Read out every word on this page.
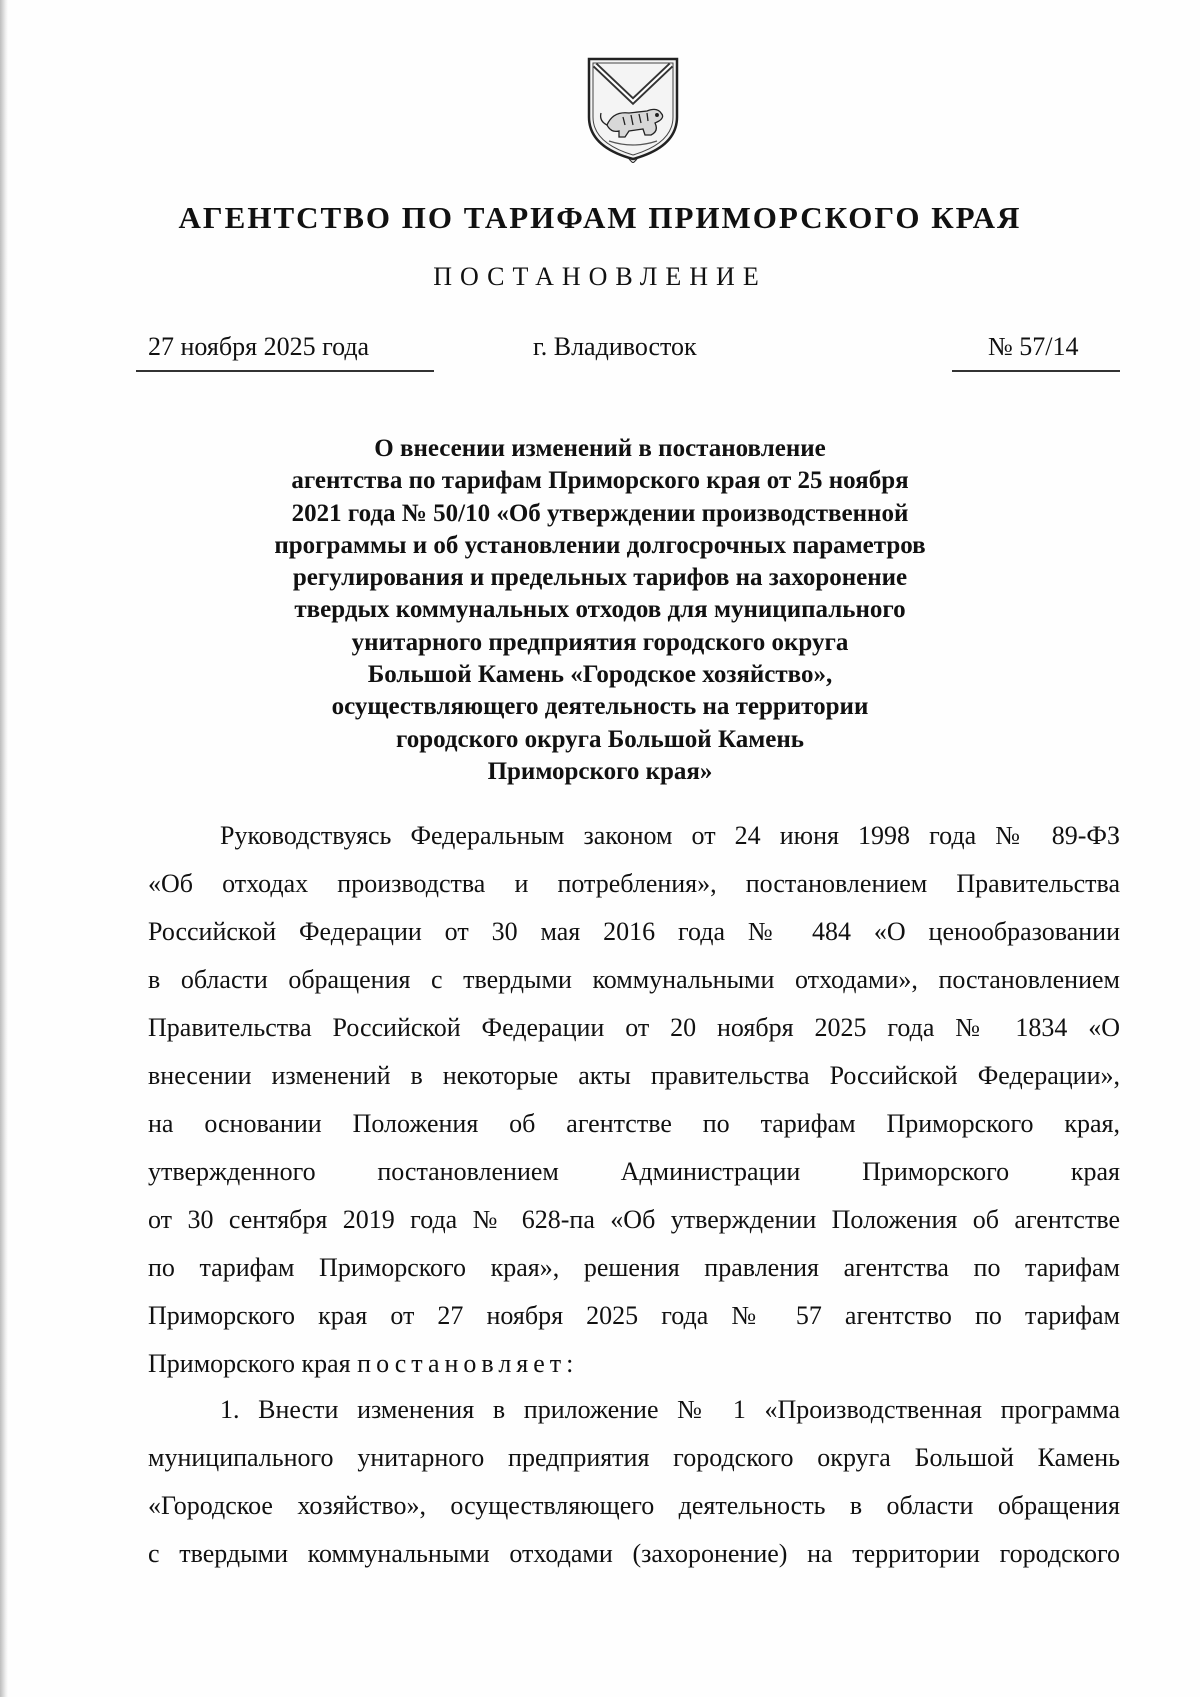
АГЕНТСТВО ПО ТАРИФАМ ПРИМОРСКОГО КРАЯ
ПОСТАНОВЛЕНИЕ
27 ноября 2025 года	г. Владивосток	№ 57/14
О внесении изменений в постановление
агентства по тарифам Приморского края от 25 ноября
2021 года № 50/10 «Об утверждении производственной
программы и об установлении долгосрочных параметров
регулирования и предельных тарифов на захоронение
твердых коммунальных отходов для муниципального
унитарного предприятия городского округа
Большой Камень «Городское хозяйство»,
осуществляющего деятельность на территории
городского округа Большой Камень
Приморского края»
Руководствуясь Федеральным законом от 24 июня 1998 года № 89-ФЗ
«Об отходах производства и потребления», постановлением Правительства
Российской Федерации от 30 мая 2016 года № 484 «О ценообразовании
в области обращения с твердыми коммунальными отходами», постановлением
Правительства Российской Федерации от 20 ноября 2025 года № 1834 «О
внесении изменений в некоторые акты правительства Российской Федерации»,
на основании Положения об агентстве по тарифам Приморского края,
утвержденного постановлением Администрации Приморского края
от 30 сентября 2019 года № 628-па «Об утверждении Положения об агентстве
по тарифам Приморского края», решения правления агентства по тарифам
Приморского края от 27 ноября 2025 года № 57 агентство по тарифам
Приморского края постановляет:
1. Внести изменения в приложение № 1 «Производственная программа
муниципального унитарного предприятия городского округа Большой Камень
«Городское хозяйство», осуществляющего деятельность в области обращения
с твердыми коммунальными отходами (захоронение) на территории городского
